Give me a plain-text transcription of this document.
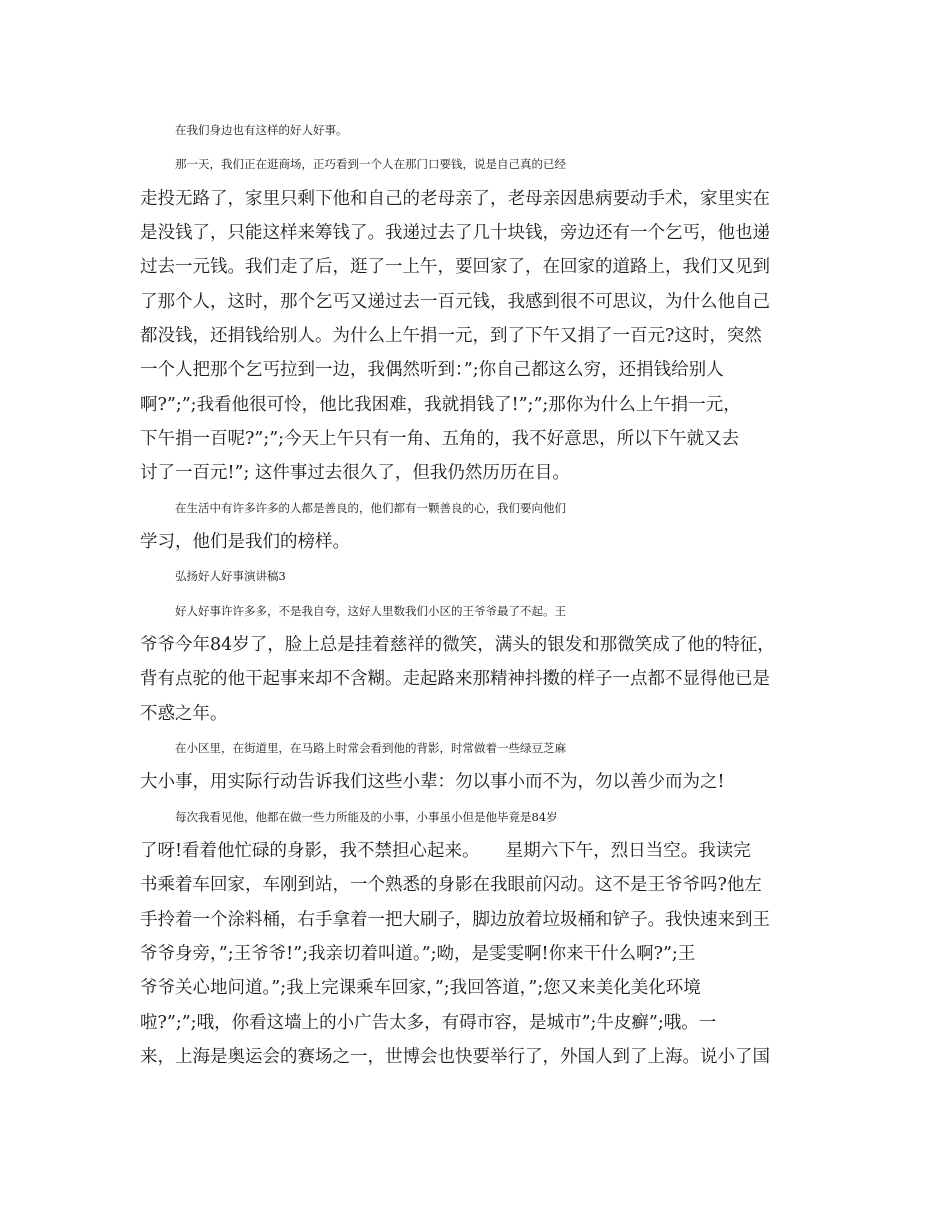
在我们身边也有这样的好人好事。
那一天，我们正在逛商场，正巧看到一个人在那门口要钱，说是自己真的已经
走投无路了，家里只剩下他和自己的老母亲了，老母亲因患病要动手术，家里实在
是没钱了，只能这样来筹钱了。我递过去了几十块钱，旁边还有一个乞丐，他也递
过去一元钱。我们走了后，逛了一上午，要回家了，在回家的道路上，我们又见到
了那个人，这时，那个乞丐又递过去一百元钱，我感到很不可思议，为什么他自己
都没钱，还捐钱给别人。为什么上午捐一元，到了下午又捐了一百元?这时，突然
一个人把那个乞丐拉到一边，我偶然听到：”;你自己都这么穷，还捐钱给别人
啊?”;”;我看他很可怜，他比我困难，我就捐钱了!”;”;那你为什么上午捐一元，
下午捐一百呢?”;”;今天上午只有一角、五角的，我不好意思，所以下午就又去
讨了一百元!”; 这件事过去很久了，但我仍然历历在目。
在生活中有许多许多的人都是善良的，他们都有一颗善良的心，我们要向他们
学习，他们是我们的榜样。
弘扬好人好事演讲稿3
好人好事许许多多，不是我自夸，这好人里数我们小区的王爷爷最了不起。王
爷爷今年84岁了，脸上总是挂着慈祥的微笑，满头的银发和那微笑成了他的特征，
背有点驼的他干起事来却不含糊。走起路来那精神抖擞的样子一点都不显得他已是
不惑之年。
在小区里，在街道里，在马路上时常会看到他的背影，时常做着一些绿豆芝麻
大小事，用实际行动告诉我们这些小辈：勿以事小而不为，勿以善少而为之!
每次我看见他，他都在做一些力所能及的小事，小事虽小但是他毕竟是84岁
了呀!看着他忙碌的身影，我不禁担心起来。　　星期六下午，烈日当空。我读完
书乘着车回家，车刚到站，一个熟悉的身影在我眼前闪动。这不是王爷爷吗?他左
手拎着一个涂料桶，右手拿着一把大刷子，脚边放着垃圾桶和铲子。我快速来到王
爷爷身旁，”;王爷爷!”;我亲切着叫道。”;呦，是雯雯啊!你来干什么啊?”;王
爷爷关心地问道。”;我上完课乘车回家，”;我回答道，”;您又来美化美化环境
啦?”;”;哦，你看这墙上的小广告太多，有碍市容，是城市”;牛皮癣”;哦。一
来，上海是奥运会的赛场之一，世博会也快要举行了，外国人到了上海。说小了国
